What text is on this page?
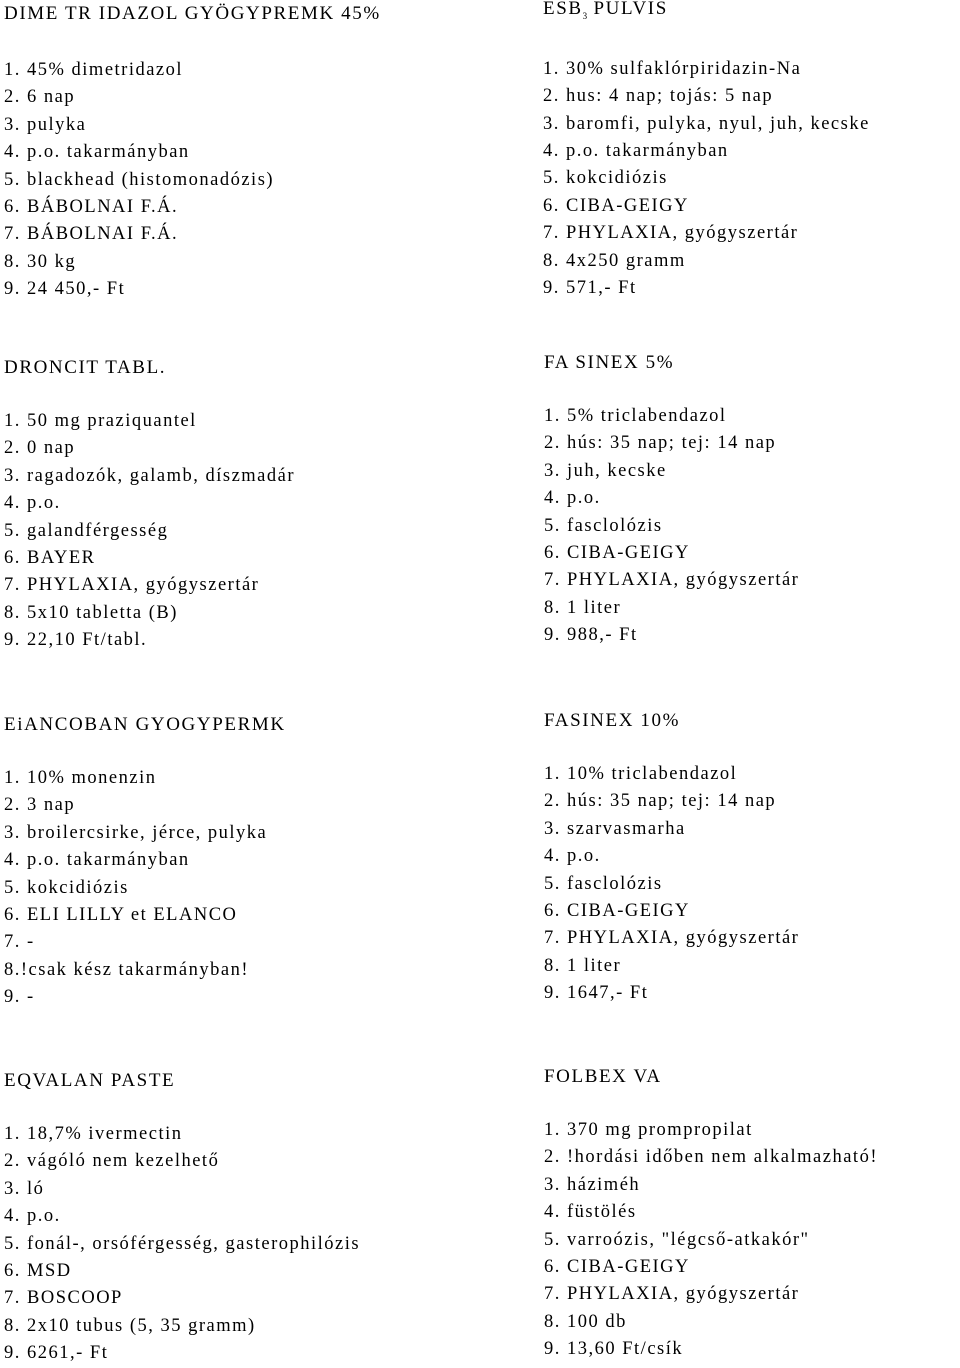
DIME TR IDAZOL GYÖGYPREMK 45%
1. 45% dimetridazol
2. 6 nap
3. pulyka
4. p.o. takarmányban
5. blackhead (histomonadózis)
6. BÁBOLNAI F.Á.
7. BÁBOLNAI F.Á.
8. 30 kg
9. 24 450,- Ft
$ESB_3$ PULVIS
1. 30% sulfaklórpiridazin-Na
2. hus: 4 nap; tojás: 5 nap
3. baromfi, pulyka, nyul, juh, kecske
4. p.o. takarmányban
5. kokcidiózis
6. CIBA-GEIGY
7. PHYLAXIA, gyógyszertár
8. 4x250 gramm
9. 571,- Ft
DRONCIT TABL.
1. 50 mg praziquantel
2. 0 nap
3. ragadozók, galamb, díszmadár
4. p.o.
5. galandférgesség
6. BAYER
7. PHYLAXIA, gyógyszertár
8. 5x10 tabletta (B)
9. 22,10 Ft/tabl.
FA SINEX 5%
1. 5% triclabendazol
2. hús: 35 nap; tej: 14 nap
3. juh, kecske
4. p.o.
5. fasclolózis
6. CIBA-GEIGY
7. PHYLAXIA, gyógyszertár
8. 1 liter
9. 988,- Ft
EiANCOBAN GYOGYPERMK
1. 10% monenzin
2. 3 nap
3. broilercsirke, jérce, pulyka
4. p.o. takarmányban
5. kokcidiózis
6. ELI LILLY et ELANCO
7. -
8.!csak kész takarmányban!
9. -
FASINEX 10%
1. 10% triclabendazol
2. hús: 35 nap; tej: 14 nap
3. szarvasmarha
4. p.o.
5. fasclolózis
6. CIBA-GEIGY
7. PHYLAXIA, gyógyszertár
8. 1 liter
9. 1647,- Ft
EQVALAN PASTE
1. 18,7% ivermectin
2. vágóló nem kezelhető
3. ló
4. p.o.
5. fonál-, orsóférgesség, gasterophilózis
6. MSD
7. BOSCOOP
8. 2x10 tubus (5, 35 gramm)
9. 6261,- Ft
FOLBEX VA
1. 370 mg prompropilat
2. !hordási időben nem alkalmazható!
3. háziméh
4. füstölés
5. varroózis, "légcső-atkakór"
6. CIBA-GEIGY
7. PHYLAXIA, gyógyszertár
8. 100 db
9. 13,60 Ft/csík
